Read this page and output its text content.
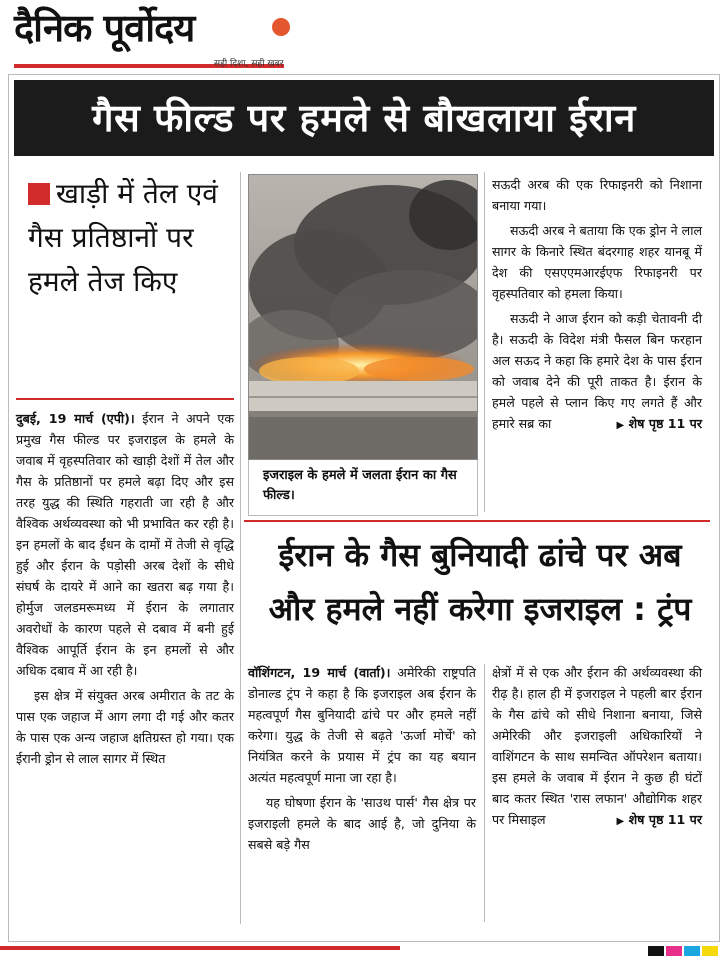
दैनिक पूर्वोदय
सही दिशा, सही खबर
गैस फील्ड पर हमले से बौखलाया ईरान
खाड़ी में तेल एवं गैस प्रतिष्ठानों पर हमले तेज किए

दुबई, 19 मार्च (एपी)। ईरान ने अपने एक प्रमुख गैस फील्ड पर इजराइल के हमले के जवाब में वृहस्पतिवार को खाड़ी देशों में तेल और गैस के प्रतिष्ठानों पर हमले बढ़ा दिए और इस तरह युद्ध की स्थिति गहराती जा रही है और वैश्विक अर्थव्यवस्था को भी प्रभावित कर रही है। इन हमलों के बाद ईंधन के दामों में तेजी से वृद्धि हुई और ईरान के पड़ोसी अरब देशों के सीधे संघर्ष के दायरे में आने का खतरा बढ़ गया है। होर्मुज जलडमरूमध्य में ईरान के लगातार अवरोधों के कारण पहले से दबाव में बनी हुई वैश्विक आपूर्ति ईरान के इन हमलों से और अधिक दबाव में आ रही है।

इस क्षेत्र में संयुक्त अरब अमीरात के तट के पास एक जहाज में आग लगा दी गई और कतर के पास एक अन्य जहाज क्षतिग्रस्त हो गया। एक ईरानी ड्रोन से लाल सागर में स्थित

इजराइल के हमले में जलता ईरान का गैस फील्ड।

सऊदी अरब की एक रिफाइनरी को निशाना बनाया गया।

सऊदी अरब ने बताया कि एक ड्रोन ने लाल सागर के किनारे स्थित बंदरगाह शहर यानबू में देश की एसएएमआरईएफ रिफाइनरी पर वृहस्पतिवार को हमला किया।

सऊदी ने आज ईरान को कड़ी चेतावनी दी है। सऊदी के विदेश मंत्री फैसल बिन फरहान अल सऊद ने कहा कि हमारे देश के पास ईरान को जवाब देने की पूरी ताकत है। ईरान के हमले पहले से प्लान किए गए लगते हैं और हमारे सब्र का	▶ शेष पृष्ठ 11 पर

ईरान के गैस बुनियादी ढांचे पर अब
और हमले नहीं करेगा इजराइल : ट्रंप

वाॅशिंगटन, 19 मार्च (वार्ता)। अमेरिकी राष्ट्रपति डोनाल्ड ट्रंप ने कहा है कि इजराइल अब ईरान के महत्वपूर्ण गैस बुनियादी ढांचे पर और हमले नहीं करेगा। युद्ध के तेजी से बढ़ते 'ऊर्जा मोर्चे' को नियंत्रित करने के प्रयास में ट्रंप का यह बयान अत्यंत महत्वपूर्ण माना जा रहा है।

यह घोषणा ईरान के 'साउथ पार्स' गैस क्षेत्र पर इजराइली हमले के बाद आई है, जो दुनिया के सबसे बड़े गैस

क्षेत्रों में से एक और ईरान की अर्थव्यवस्था की रीढ़ है। हाल ही में इजराइल ने पहली बार ईरान के गैस ढांचे को सीधे निशाना बनाया, जिसे अमेरिकी और इजराइली अधिकारियों ने वाशिंगटन के साथ समन्वित ऑपरेशन बताया। इस हमले के जवाब में ईरान ने कुछ ही घंटों बाद कतर स्थित 'रास लफान' औद्योगिक शहर पर मिसाइल	▶ शेष पृष्ठ 11 पर
